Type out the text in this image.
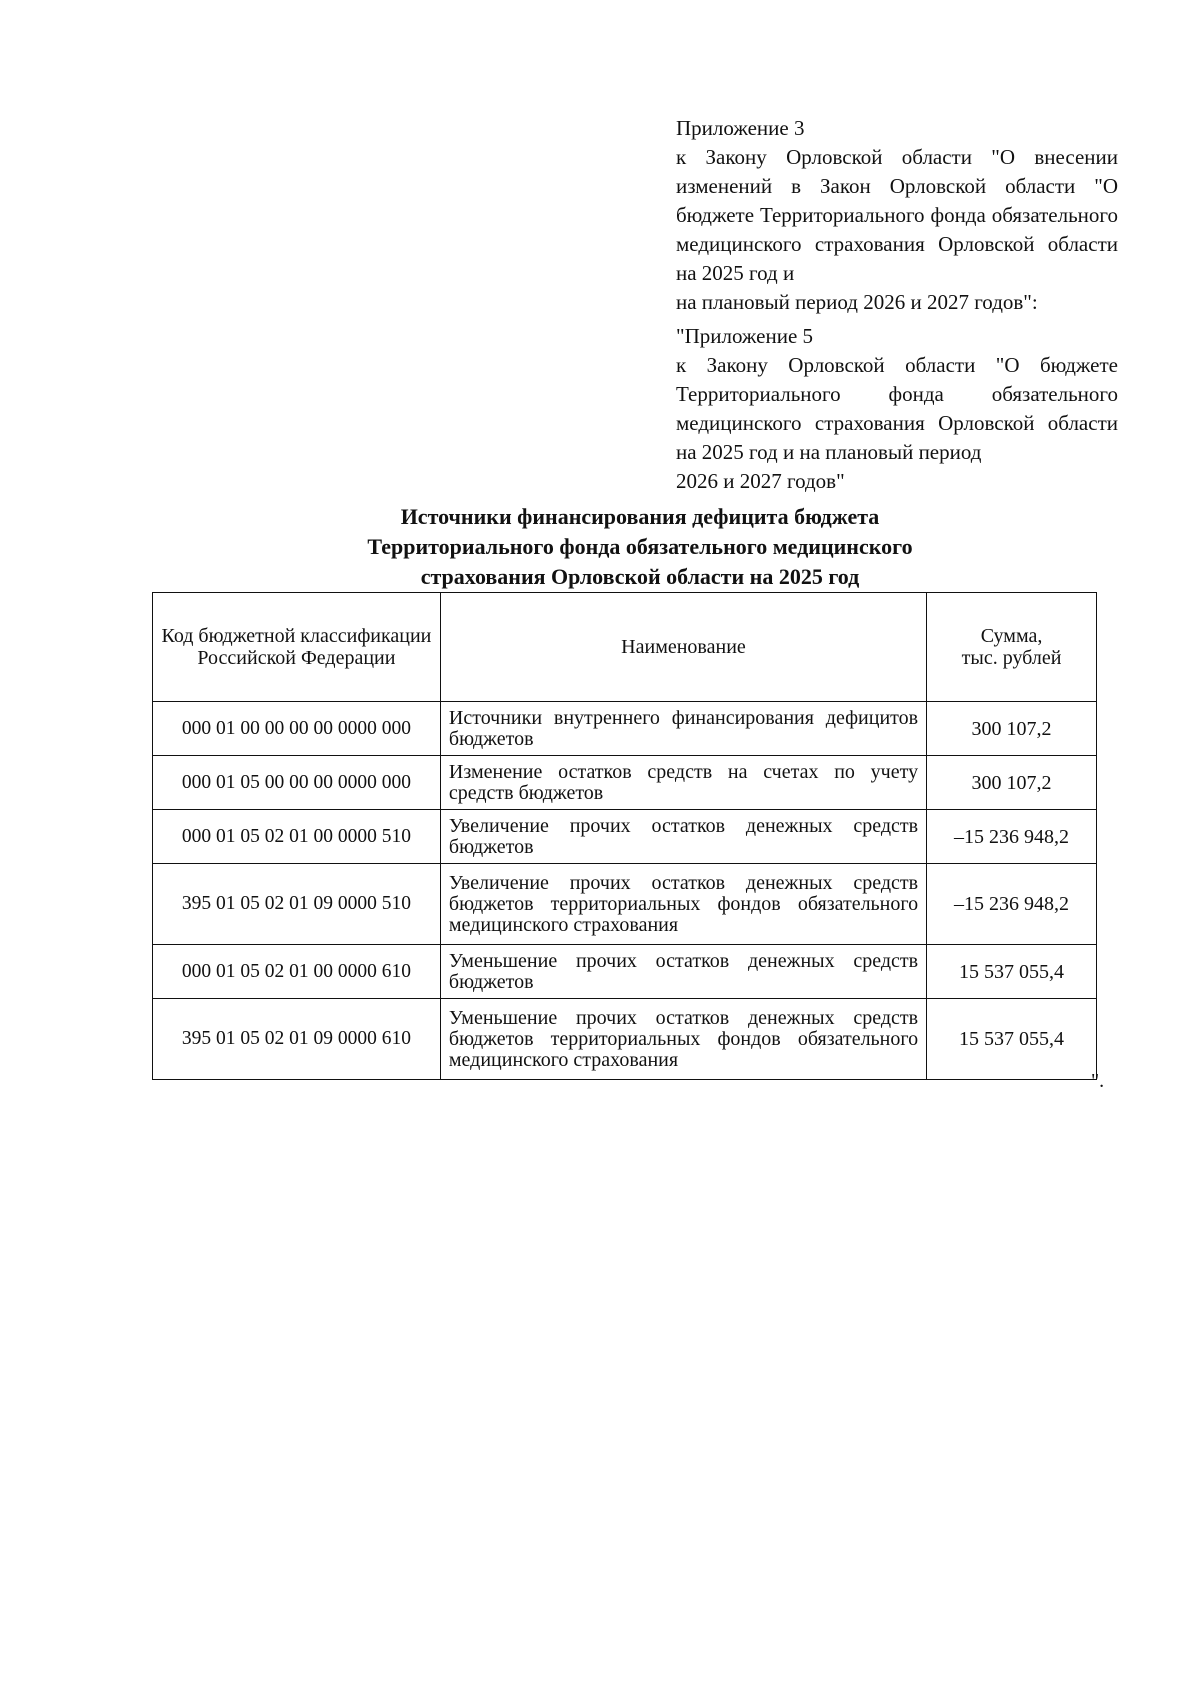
Приложение 3
к Закону Орловской области "О внесении изменений в Закон Орловской области "О бюджете Территориального фонда обязательного медицинского страхования Орловской области на 2025 год и
на плановый период 2026 и 2027 годов":
"Приложение 5
к Закону Орловской области "О бюджете Территориального фонда обязательного медицинского страхования Орловской области на 2025 год и на плановый период
2026 и 2027 годов"
Источники финансирования дефицита бюджета
Территориального фонда обязательного медицинского
страхования Орловской области на 2025 год
Код бюджетной классификации Российской Федерации	Наименование	Сумма,
тыс. рублей

000 01 00 00 00 00 0000 000	Источники внутреннего финансирования дефицитов бюджетов	300 107,2
000 01 05 00 00 00 0000 000	Изменение остатков средств на счетах по учету средств бюджетов	300 107,2
000 01 05 02 01 00 0000 510	Увеличение прочих остатков денежных средств бюджетов	–15 236 948,2
395 01 05 02 01 09 0000 510	Увеличение прочих остатков денежных средств бюджетов территориальных фондов обязательного медицинского страхования	–15 236 948,2
000 01 05 02 01 00 0000 610	Уменьшение прочих остатков денежных средств бюджетов	15 537 055,4
395 01 05 02 01 09 0000 610	Уменьшение прочих остатков денежных средств бюджетов территориальных фондов обязательного медицинского страхования	15 537 055,4
".
